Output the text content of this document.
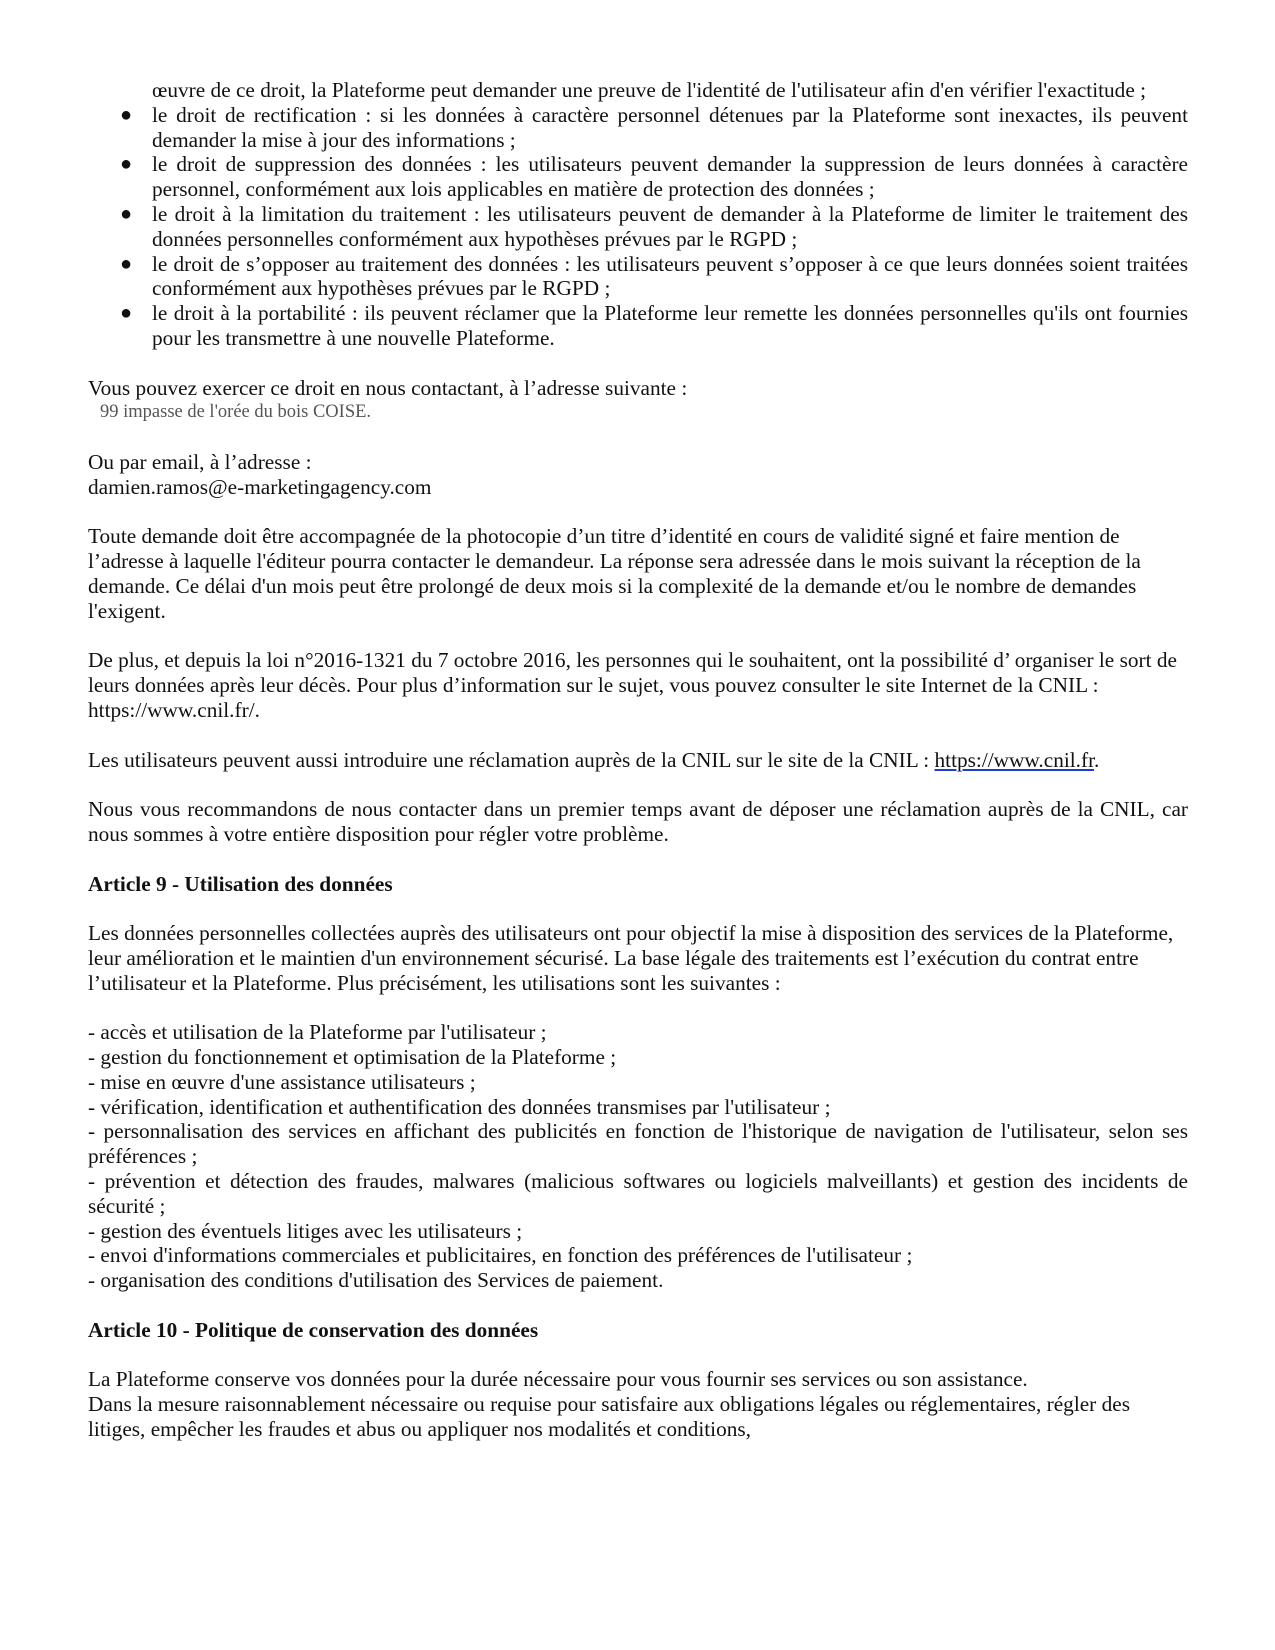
œuvre de ce droit, la Plateforme peut demander une preuve de l'identité de l'utilisateur afin d'en vérifier l'exactitude ;
● le droit de rectification : si les données à caractère personnel détenues par la Plateforme sont inexactes, ils peuvent demander la mise à jour des informations ;
● le droit de suppression des données : les utilisateurs peuvent demander la suppression de leurs données à caractère personnel, conformément aux lois applicables en matière de protection des données ;
● le droit à la limitation du traitement : les utilisateurs peuvent de demander à la Plateforme de limiter le traitement des données personnelles conformément aux hypothèses prévues par le RGPD ;
● le droit de s’opposer au traitement des données : les utilisateurs peuvent s’opposer à ce que leurs données soient traitées conformément aux hypothèses prévues par le RGPD ;
● le droit à la portabilité : ils peuvent réclamer que la Plateforme leur remette les données personnelles qu'ils ont fournies pour les transmettre à une nouvelle Plateforme.

Vous pouvez exercer ce droit en nous contactant, à l’adresse suivante :

99 impasse de l'orée du bois COISE.

Ou par email, à l’adresse :

damien.ramos@e-marketingagency.com

Toute demande doit être accompagnée de la photocopie d’un titre d’identité en cours de validité signé et faire mention de l’adresse à laquelle l'éditeur pourra contacter le demandeur. La réponse sera adressée dans le mois suivant la réception de la demande. Ce délai d'un mois peut être prolongé de deux mois si la complexité de la demande et/ou le nombre de demandes l'exigent.

De plus, et depuis la loi n°2016-1321 du 7 octobre 2016, les personnes qui le souhaitent, ont la possibilité d’ organiser le sort de leurs données après leur décès. Pour plus d’information sur le sujet, vous pouvez consulter le site Internet de la CNIL : https://www.cnil.fr/.

Les utilisateurs peuvent aussi introduire une réclamation auprès de la CNIL sur le site de la CNIL : https://www.cnil.fr.

Nous vous recommandons de nous contacter dans un premier temps avant de déposer une réclamation auprès de la CNIL, car nous sommes à votre entière disposition pour régler votre problème.

Article 9 - Utilisation des données

Les données personnelles collectées auprès des utilisateurs ont pour objectif la mise à disposition des services de la Plateforme, leur amélioration et le maintien d'un environnement sécurisé. La base légale des traitements est l’exécution du contrat entre l’utilisateur et la Plateforme. Plus précisément, les utilisations sont les suivantes :

- accès et utilisation de la Plateforme par l'utilisateur ;

- gestion du fonctionnement et optimisation de la Plateforme ;

- mise en œuvre d'une assistance utilisateurs ;

- vérification, identification et authentification des données transmises par l'utilisateur ;

- personnalisation des services en affichant des publicités en fonction de l'historique de navigation de l'utilisateur, selon ses préférences ;

- prévention et détection des fraudes, malwares (malicious softwares ou logiciels malveillants) et gestion des incidents de sécurité ;

- gestion des éventuels litiges avec les utilisateurs ;

- envoi d'informations commerciales et publicitaires, en fonction des préférences de l'utilisateur ;

- organisation des conditions d'utilisation des Services de paiement.

Article 10 - Politique de conservation des données

La Plateforme conserve vos données pour la durée nécessaire pour vous fournir ses services ou son assistance.

Dans la mesure raisonnablement nécessaire ou requise pour satisfaire aux obligations légales ou réglementaires, régler des litiges, empêcher les fraudes et abus ou appliquer nos modalités et conditions,
